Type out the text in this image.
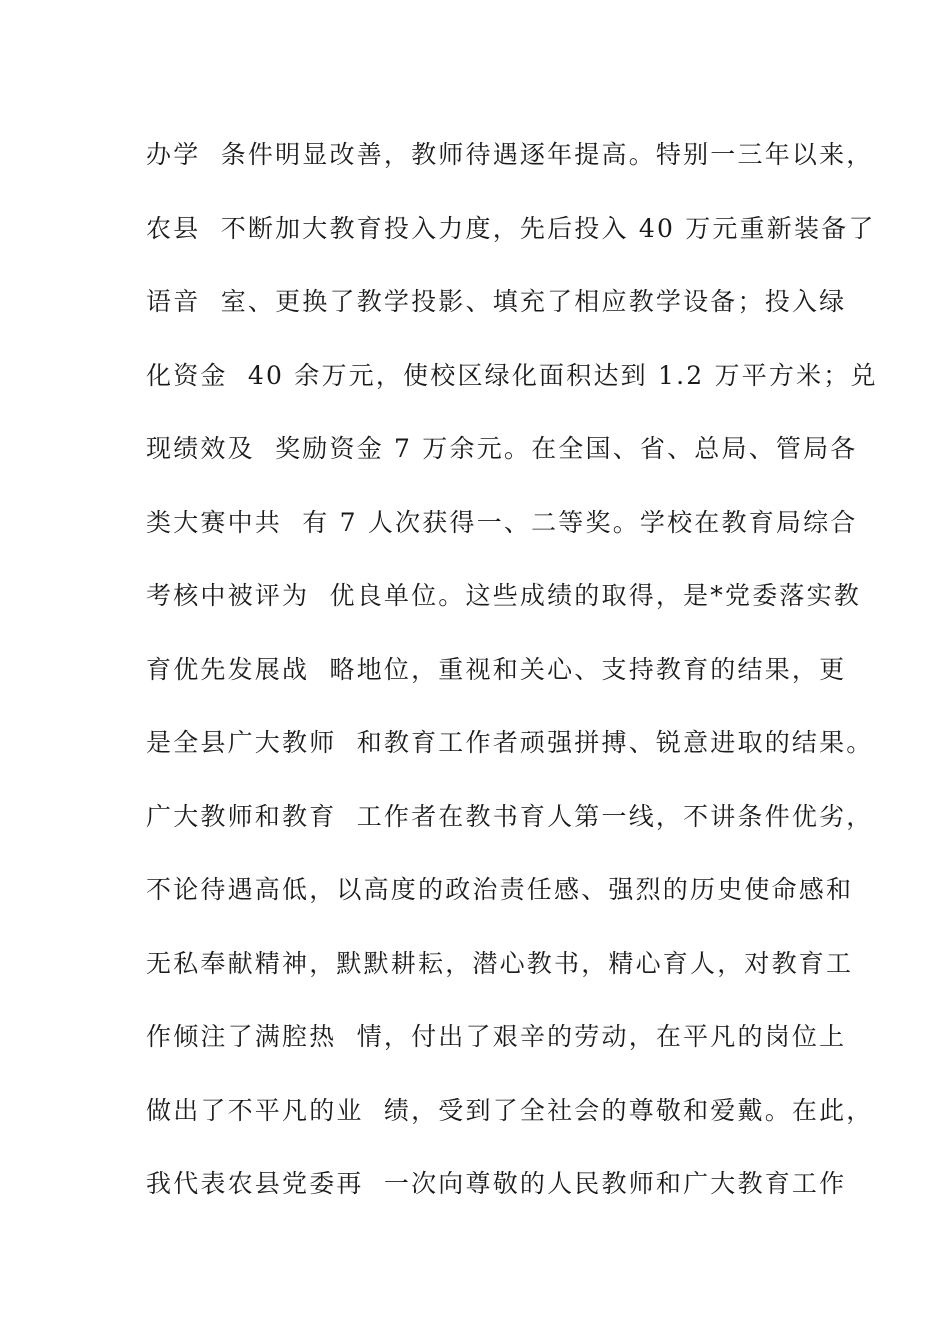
办学  条件明显改善，教师待遇逐年提高。特别一三年以来，
农县  不断加大教育投入力度，先后投入 40 万元重新装备了
语音  室、更换了教学投影、填充了相应教学设备；投入绿
化资金  40 余万元，使校区绿化面积达到 1.2 万平方米；兑
现绩效及  奖励资金 7 万余元。在全国、省、总局、管局各
类大赛中共  有 7 人次获得一、二等奖。学校在教育局综合
考核中被评为  优良单位。这些成绩的取得，是*党委落实教
育优先发展战  略地位，重视和关心、支持教育的结果，更
是全县广大教师  和教育工作者顽强拼搏、锐意进取的结果。
广大教师和教育  工作者在教书育人第一线，不讲条件优劣，
不论待遇高低，以高度的政治责任感、强烈的历史使命感和
无私奉献精神，默默耕耘，潜心教书，精心育人，对教育工
作倾注了满腔热  情，付出了艰辛的劳动，在平凡的岗位上
做出了不平凡的业  绩，受到了全社会的尊敬和爱戴。在此，
我代表农县党委再  一次向尊敬的人民教师和广大教育工作
